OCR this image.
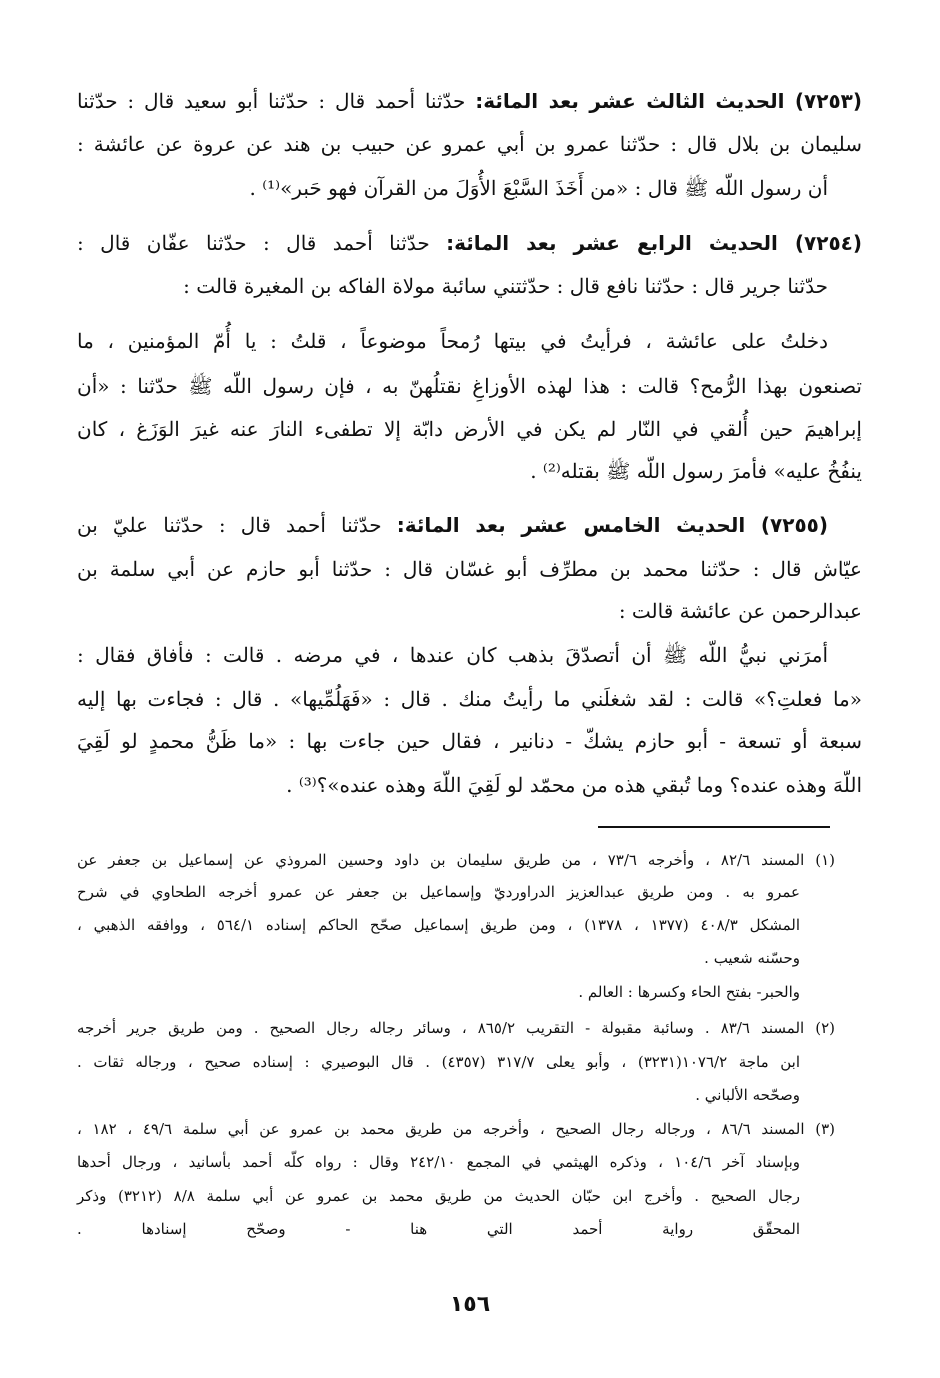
(٧٢٥٣) الحديث الثالث عشر بعد المائة: حدّثنا أحمد قال : حدّثنا أبو سعيد قال : حدّثنا
سليمان بن بلال قال : حدّثنا عمرو بن أبي عمرو عن حبيب بن هند عن عروة عن عائشة :
أن رسول اللّه ﷺ قال : «من أَخَذَ السَّبْعَ الأُوَلَ من القرآن فهو حَبر»⁽¹⁾ .
(٧٢٥٤) الحديث الرابع عشر بعد المائة: حدّثنا أحمد قال : حدّثنا عفّان قال :
حدّثنا جرير قال : حدّثنا نافع قال : حدّثتني سائبة مولاة الفاكه بن المغيرة قالت :
دخلتُ على عائشة ، فرأيتُ في بيتها رُمحاً موضوعاً ، قلتُ : يا أُمّ المؤمنين ، ما
تصنعون بهذا الرُّمح؟ قالت : هذا لهذه الأوزاغِ نقتلُهنّ به ، فإن رسول اللّه ﷺ حدّثنا : «أن
إبراهيمَ حين أُلقي في النّار لم يكن في الأرض دابّة إلا تطفىء النارَ عنه غيرَ الوَزَغ ، كان
ينفُخُ عليه» فأمرَ رسول اللّه ﷺ بقتله⁽²⁾ .
(٧٢٥٥) الحديث الخامس عشر بعد المائة: حدّثنا أحمد قال : حدّثنا عليّ بن
عيّاش قال : حدّثنا محمد بن مطرِّف أبو غسّان قال : حدّثنا أبو حازم عن أبي سلمة بن
عبدالرحمن عن عائشة قالت :
أمرَني نبيُّ اللّه ﷺ أن أتصدّقَ بذهب كان عندها ، في مرضه . قالت : فأفاق فقال :
«ما فعلتِ؟» قالت : لقد شغلَني ما رأيتُ منك . قال : «فَهَلُمِّيها» . قال : فجاءت بها إليه
سبعة أو تسعة - أبو حازم يشكّ - دنانير ، فقال حين جاءت بها : «ما ظَنُّ محمدٍ لو لَقِيَ
اللّهَ وهذه عنده؟ وما تُبقي هذه من محمّد لو لَقِيَ اللّهَ وهذه عنده»؟⁽³⁾ .
(١) المسند ٨٢/٦ ، وأخرجه ٧٣/٦ ، من طريق سليمان بن داود وحسين المروذي عن إسماعيل بن جعفر عن
عمرو به . ومن طريق عبدالعزيز الدراورديّ وإسماعيل بن جعفر عن عمرو أخرجه الطحاوي في شرح
المشكل ٤٠٨/٣ (١٣٧٧ ، ١٣٧٨) ، ومن طريق إسماعيل صحّح الحاكم إسناده ٥٦٤/١ ، ووافقه الذهبي ،
وحسّنه شعيب .
والحبر- بفتح الحاء وكسرها : العالم .
(٢) المسند ٨٣/٦ . وسائبة مقبولة - التقريب ٨٦٥/٢ ، وسائر رجاله رجال الصحيح . ومن طريق جرير أخرجه
ابن ماجة ١٠٧٦/٢(٣٢٣١) ، وأبو يعلى ٣١٧/٧ (٤٣٥٧) . قال البوصيري : إسناده صحيح ، ورجاله ثقات .
وصحّحه الألباني .
(٣) المسند ٨٦/٦ ، ورجاله رجال الصحيح ، وأخرجه من طريق محمد بن عمرو عن أبي سلمة ٤٩/٦ ، ١٨٢ ،
وبإسناد آخر ١٠٤/٦ ، وذكره الهيثمي في المجمع ٢٤٢/١٠ وقال : رواه كلّه أحمد بأسانيد ، ورجال أحدها
رجال الصحيح . وأخرج ابن حبّان الحديث من طريق محمد بن عمرو عن أبي سلمة ٨/٨ (٣٢١٢) وذكر
المحقّق رواية أحمد التي هنا - وصحّح إسنادها .
١٥٦
